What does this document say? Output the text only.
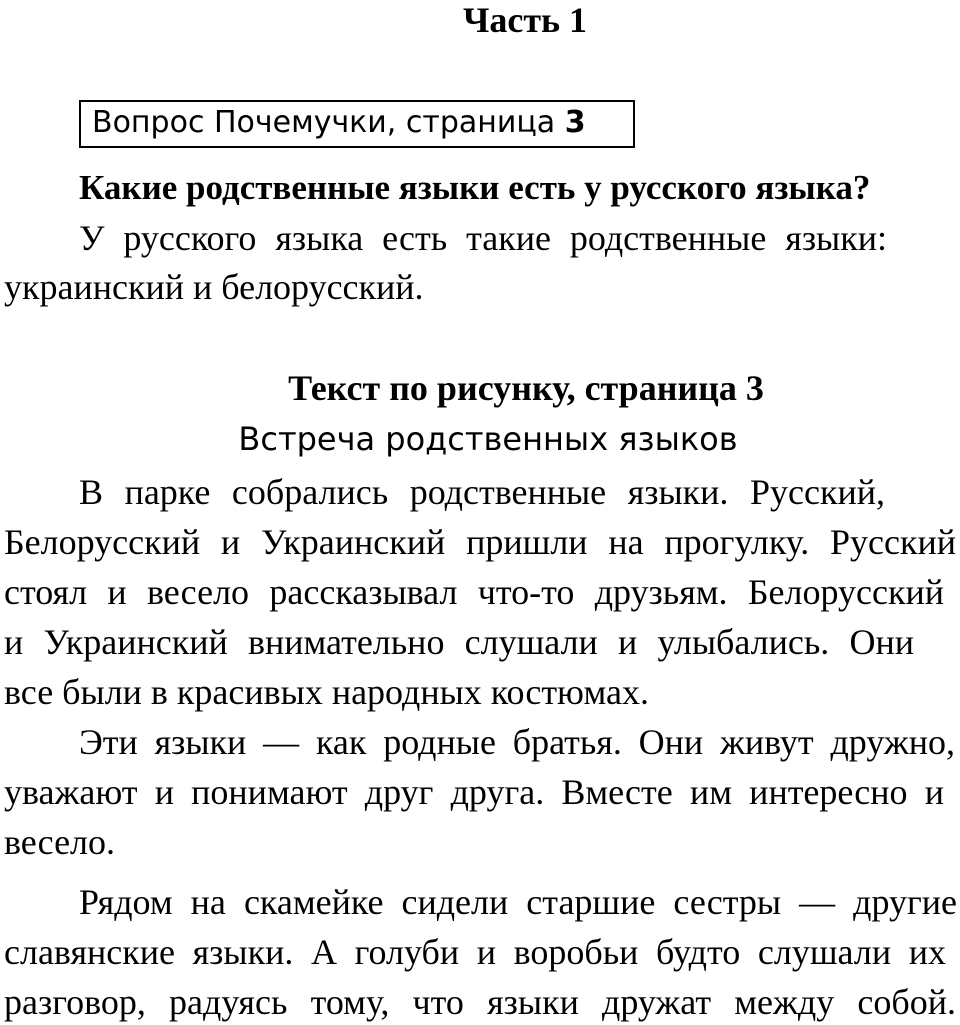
Часть 1
Вопрос Почемучки, страница 3
Какие родственные языки есть у русского языка?
У русского языка есть такие родственные языки:
украинский и белорусский.
Текст по рисунку, страница 3
Встреча родственных языков
В парке собрались родственные языки. Русский,
Белорусский и Украинский пришли на прогулку. Русский
стоял и весело рассказывал что-то друзьям. Белорусский
и Украинский внимательно слушали и улыбались. Они
все были в красивых народных костюмах.
Эти языки — как родные братья. Они живут дружно,
уважают и понимают друг друга. Вместе им интересно и
весело.
Рядом на скамейке сидели старшие сестры — другие
славянские языки. А голуби и воробьи будто слушали их
разговор, радуясь тому, что языки дружат между собой.
